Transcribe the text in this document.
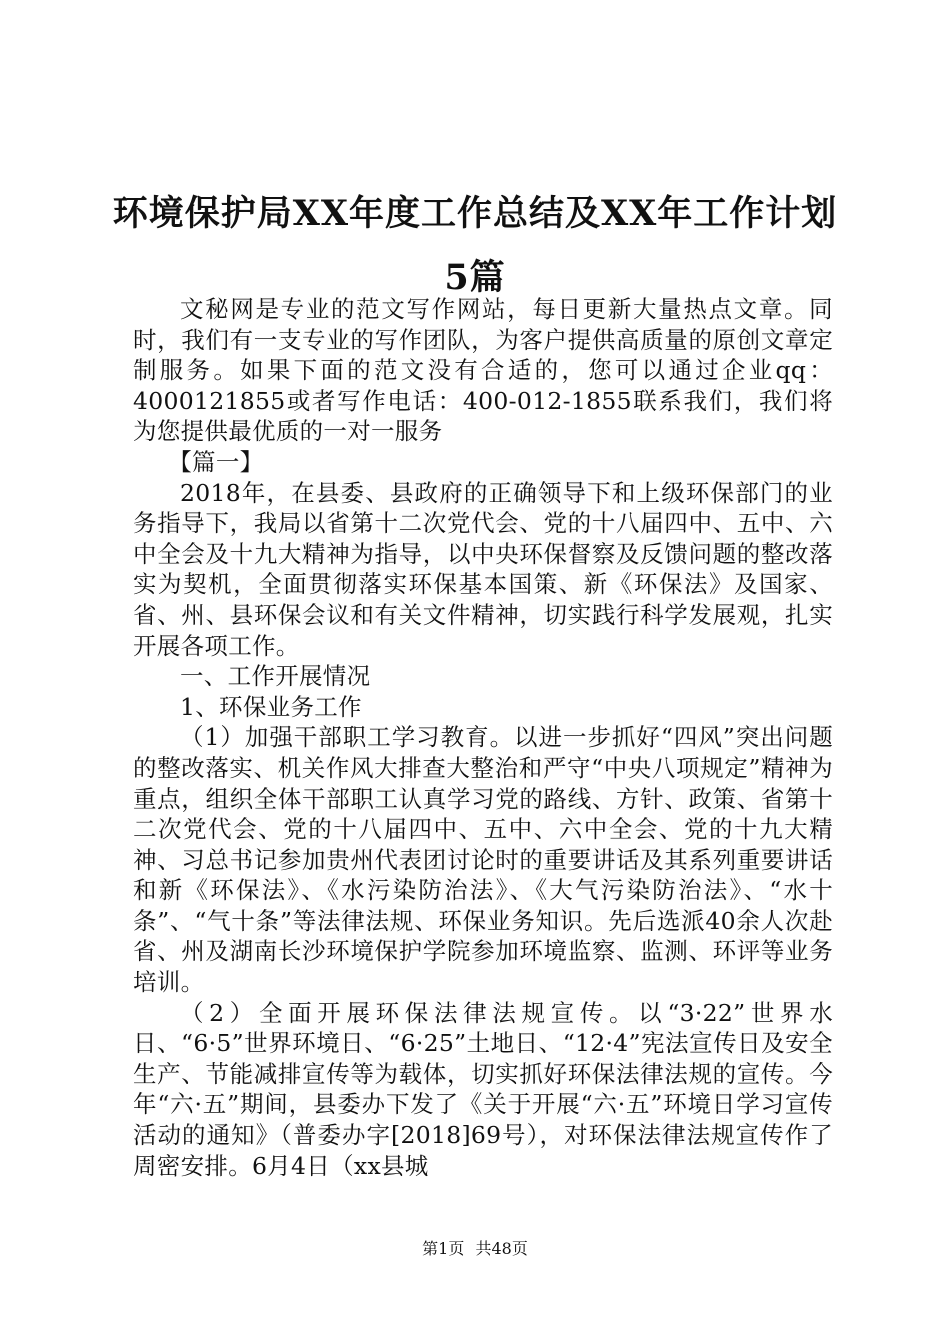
环境保护局XX年度工作总结及XX年工作计划
5篇

文秘网是专业的范文写作网站，每日更新大量热点文章。同时，我们有一支专业的写作团队，为客户提供高质量的原创文章定制服务。如果下面的范文没有合适的，您可以通过企业qq：4000121855或者写作电话：400-012-1855联系我们，我们将为您提供最优质的一对一服务

【篇一】

2018年，在县委、县政府的正确领导下和上级环保部门的业务指导下，我局以省第十二次党代会、党的十八届四中、五中、六中全会及十九大精神为指导，以中央环保督察及反馈问题的整改落实为契机，全面贯彻落实环保基本国策、新《环保法》及国家、省、州、县环保会议和有关文件精神，切实践行科学发展观，扎实开展各项工作。

一、工作开展情况

1、环保业务工作

（1）加强干部职工学习教育。以进一步抓好“四风”突出问题的整改落实、机关作风大排查大整治和严守“中央八项规定”精神为重点，组织全体干部职工认真学习党的路线、方针、政策、省第十二次党代会、党的十八届四中、五中、六中全会、党的十九大精神、习总书记参加贵州代表团讨论时的重要讲话及其系列重要讲话和新《环保法》、《水污染防治法》、《大气污染防治法》、“水十条”、“气十条”等法律法规、环保业务知识。先后选派40余人次赴省、州及湖南长沙环境保护学院参加环境监察、监测、环评等业务培训。

（2）全面开展环保法律法规宣传。以“3·22”世界水日、“6·5”世界环境日、“6·25”土地日、“12·4”宪法宣传日及安全生产、节能减排宣传等为载体，切实抓好环保法律法规的宣传。今年“六·五”期间，县委办下发了《关于开展“六·五”环境日学习宣传活动的通知》（普委办字[2018]69号），对环保法律法规宣传作了周密安排。6月4日（xx县城

第1页 共48页
